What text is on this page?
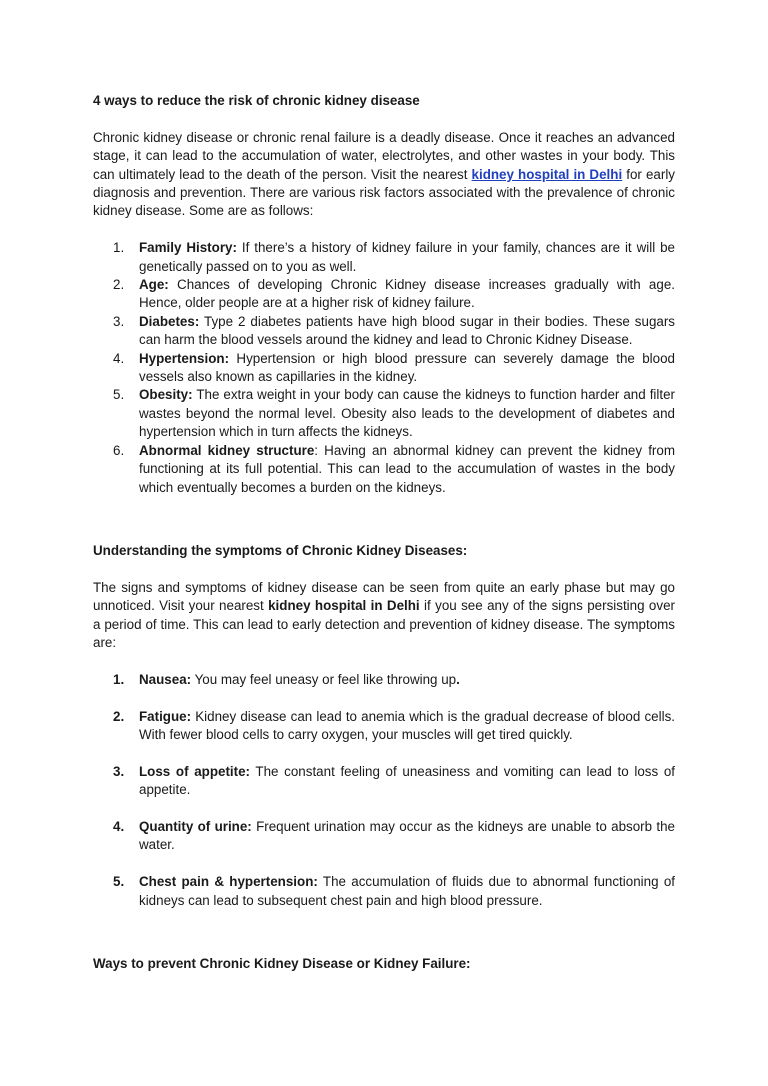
4 ways to reduce the risk of chronic kidney disease

Chronic kidney disease or chronic renal failure is a deadly disease. Once it reaches an advanced stage, it can lead to the accumulation of water, electrolytes, and other wastes in your body. This can ultimately lead to the death of the person. Visit the nearest kidney hospital in Delhi for early diagnosis and prevention. There are various risk factors associated with the prevalence of chronic kidney disease. Some are as follows:

1. Family History: If there’s a history of kidney failure in your family, chances are it will be genetically passed on to you as well.
2. Age: Chances of developing Chronic Kidney disease increases gradually with age. Hence, older people are at a higher risk of kidney failure.
3. Diabetes: Type 2 diabetes patients have high blood sugar in their bodies. These sugars can harm the blood vessels around the kidney and lead to Chronic Kidney Disease.
4. Hypertension: Hypertension or high blood pressure can severely damage the blood vessels also known as capillaries in the kidney.
5. Obesity: The extra weight in your body can cause the kidneys to function harder and filter wastes beyond the normal level. Obesity also leads to the development of diabetes and hypertension which in turn affects the kidneys.
6. Abnormal kidney structure: Having an abnormal kidney can prevent the kidney from functioning at its full potential. This can lead to the accumulation of wastes in the body which eventually becomes a burden on the kidneys.

Understanding the symptoms of Chronic Kidney Diseases:

The signs and symptoms of kidney disease can be seen from quite an early phase but may go unnoticed. Visit your nearest kidney hospital in Delhi if you see any of the signs persisting over a period of time. This can lead to early detection and prevention of kidney disease. The symptoms are:

1. Nausea: You may feel uneasy or feel like throwing up.
2. Fatigue: Kidney disease can lead to anemia which is the gradual decrease of blood cells. With fewer blood cells to carry oxygen, your muscles will get tired quickly.
3. Loss of appetite: The constant feeling of uneasiness and vomiting can lead to loss of appetite.
4. Quantity of urine: Frequent urination may occur as the kidneys are unable to absorb the water.
5. Chest pain & hypertension: The accumulation of fluids due to abnormal functioning of kidneys can lead to subsequent chest pain and high blood pressure.

Ways to prevent Chronic Kidney Disease or Kidney Failure:
